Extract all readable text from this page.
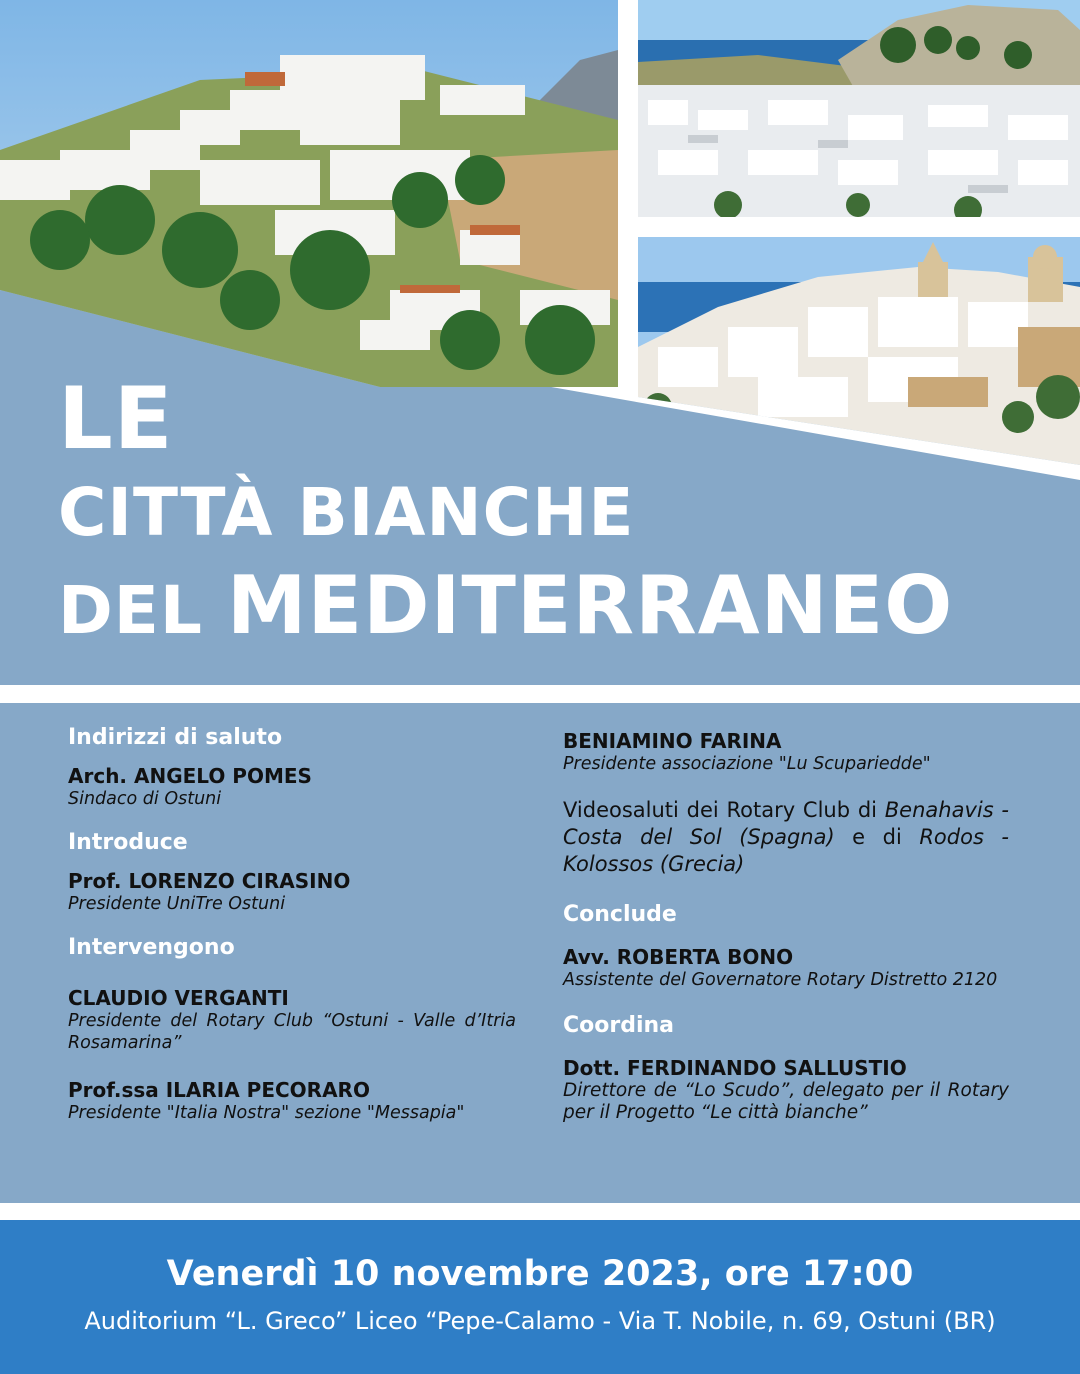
LE
CITTÀ BIANCHE
DEL MEDITERRANEO
Indirizzi di saluto
Arch. ANGELO POMES
Sindaco di Ostuni
Introduce
Prof. LORENZO CIRASINO
Presidente UniTre Ostuni
Intervengono
CLAUDIO VERGANTI
Presidente del Rotary Club “Ostuni - Valle d’Itria Rosamarina”
Prof.ssa ILARIA PECORARO
Presidente "Italia Nostra" sezione "Messapia"
BENIAMINO FARINA
Presidente associazione "Lu Scupariedde"
Videosaluti dei Rotary Club di Benahavis - Costa del Sol (Spagna) e di Rodos - Kolossos (Grecia)
Conclude
Avv. ROBERTA BONO
Assistente del Governatore Rotary Distretto 2120
Coordina
Dott. FERDINANDO SALLUSTIO
Direttore de “Lo Scudo”, delegato per il Rotary per il Progetto “Le città bianche”
Venerdì 10 novembre 2023, ore 17:00
Auditorium “L. Greco” Liceo “Pepe-Calamo - Via T. Nobile, n. 69, Ostuni (BR)
